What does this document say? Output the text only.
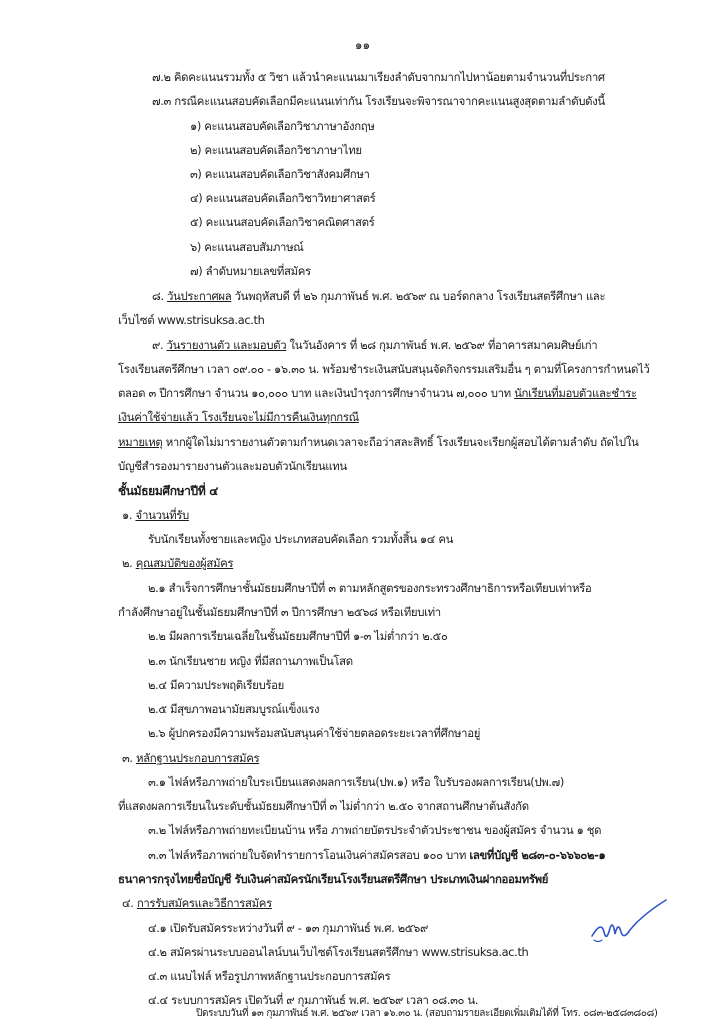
๑๑
๗.๒ คิดคะแนนรวมทั้ง ๕ วิชา แล้วนำคะแนนมาเรียงลำดับจากมากไปหาน้อยตามจำนวนที่ประกาศ
๗.๓ กรณีคะแนนสอบคัดเลือกมีคะแนนเท่ากัน โรงเรียนจะพิจารณาจากคะแนนสูงสุดตามลำดับดังนี้
๑) คะแนนสอบคัดเลือกวิชาภาษาอังกฤษ
๒) คะแนนสอบคัดเลือกวิชาภาษาไทย
๓) คะแนนสอบคัดเลือกวิชาสังคมศึกษา
๔) คะแนนสอบคัดเลือกวิชาวิทยาศาสตร์
๕) คะแนนสอบคัดเลือกวิชาคณิตศาสตร์
๖) คะแนนสอบสัมภาษณ์
๗) ลำดับหมายเลขที่สมัคร
๘. วันประกาศผล วันพฤหัสบดี ที่ ๒๖ กุมภาพันธ์ พ.ศ. ๒๕๖๙ ณ บอร์ดกลาง โรงเรียนสตรีศึกษา และ
เว็บไซต์ www.strisuksa.ac.th
๙. วันรายงานตัว และมอบตัว ในวันอังคาร ที่ ๒๘ กุมภาพันธ์ พ.ศ. ๒๕๖๙ ที่อาคารสมาคมศิษย์เก่า
โรงเรียนสตรีศึกษา เวลา ๐๙.๐๐ - ๑๖.๓๐ น. พร้อมชำระเงินสนับสนุนจัดกิจกรรมเสริมอื่น ๆ ตามที่โครงการกำหนดไว้
ตลอด ๓ ปีการศึกษา จำนวน ๑๐,๐๐๐ บาท และเงินบำรุงการศึกษาจำนวน ๗,๐๐๐ บาท นักเรียนที่มอบตัวและชำระ
เงินค่าใช้จ่ายแล้ว โรงเรียนจะไม่มีการคืนเงินทุกกรณี
หมายเหตุ หากผู้ใดไม่มารายงานตัวตามกำหนดเวลาจะถือว่าสละสิทธิ์ โรงเรียนจะเรียกผู้สอบได้ตามลำดับ ถัดไปใน
บัญชีสำรองมารายงานตัวและมอบตัวนักเรียนแทน
ชั้นมัธยมศึกษาปีที่ ๔
๑. จำนวนที่รับ
รับนักเรียนทั้งชายและหญิง ประเภทสอบคัดเลือก รวมทั้งสิ้น ๑๔ คน
๒. คุณสมบัติของผู้สมัคร
๒.๑ สำเร็จการศึกษาชั้นมัธยมศึกษาปีที่ ๓ ตามหลักสูตรของกระทรวงศึกษาธิการหรือเทียบเท่าหรือ
กำลังศึกษาอยู่ในชั้นมัธยมศึกษาปีที่ ๓ ปีการศึกษา ๒๕๖๘ หรือเทียบเท่า
๒.๒ มีผลการเรียนเฉลี่ยในชั้นมัธยมศึกษาปีที่ ๑-๓ ไม่ต่ำกว่า ๒.๕๐
๒.๓ นักเรียนชาย หญิง ที่มีสถานภาพเป็นโสด
๒.๔ มีความประพฤติเรียบร้อย
๒.๕ มีสุขภาพอนามัยสมบูรณ์แข็งแรง
๒.๖ ผู้ปกครองมีความพร้อมสนับสนุนค่าใช้จ่ายตลอดระยะเวลาที่ศึกษาอยู่
๓. หลักฐานประกอบการสมัคร
๓.๑ ไฟล์หรือภาพถ่ายใบระเบียนแสดงผลการเรียน(ปพ.๑) หรือ ใบรับรองผลการเรียน(ปพ.๗)
ที่แสดงผลการเรียนในระดับชั้นมัธยมศึกษาปีที่ ๓ ไม่ต่ำกว่า ๒.๕๐ จากสถานศึกษาต้นสังกัด
๓.๒ ไฟล์หรือภาพถ่ายทะเบียนบ้าน หรือ ภาพถ่ายบัตรประจำตัวประชาชน ของผู้สมัคร จำนวน ๑ ชุด
๓.๓ ไฟล์หรือภาพถ่ายใบจัดทำรายการโอนเงินค่าสมัครสอบ ๑๐๐ บาท เลขที่บัญชี ๒๘๓-๐-๖๖๖๐๒-๑
ธนาคารกรุงไทยชื่อบัญชี รับเงินค่าสมัครนักเรียนโรงเรียนสตรีศึกษา ประเภทเงินฝากออมทรัพย์
๔. การรับสมัครและวิธีการสมัคร
๔.๑ เปิดรับสมัครระหว่างวันที่ ๙ - ๑๓ กุมภาพันธ์ พ.ศ. ๒๕๖๙
๔.๒ สมัครผ่านระบบออนไลน์บนเว็บไซต์โรงเรียนสตรีศึกษา www.strisuksa.ac.th
๔.๓ แนบไฟล์ หรือรูปภาพหลักฐานประกอบการสมัคร
๔.๔ ระบบการสมัคร เปิดวันที่ ๙ กุมภาพันธ์ พ.ศ. ๒๕๖๙ เวลา ๐๘.๓๐ น.
ปิดระบบวันที่ ๑๓ กุมภาพันธ์ พ.ศ. ๒๕๖๙ เวลา ๑๖.๓๐ น. (สอบถามรายละเอียดเพิ่มเติมได้ที่ โทร. ๐๘๓-๒๕๘๓๘๐๘)
